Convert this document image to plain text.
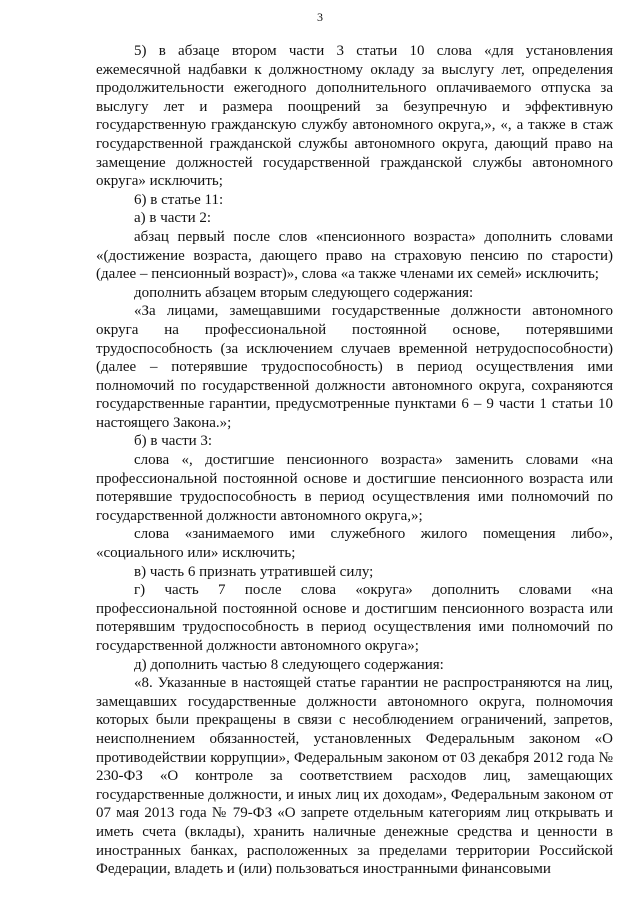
3

5) в абзаце втором части 3 статьи 10 слова «для установления ежемесячной надбавки к должностному окладу за выслугу лет, определения продолжительности ежегодного дополнительного оплачиваемого отпуска за выслугу лет и размера поощрений за безупречную и эффективную государственную гражданскую службу автономного округа,», «, а также в стаж государственной гражданской службы автономного округа, дающий право на замещение должностей государственной гражданской службы автономного округа» исключить;

6) в статье 11:

а) в части 2:

абзац первый после слов «пенсионного возраста» дополнить словами «(достижение возраста, дающего право на страховую пенсию по старости) (далее – пенсионный возраст)», слова «а также членами их семей» исключить;

дополнить абзацем вторым следующего содержания:

«За лицами, замещавшими государственные должности автономного округа на профессиональной постоянной основе, потерявшими трудоспособность (за исключением случаев временной нетрудоспособности) (далее – потерявшие трудоспособность) в период осуществления ими полномочий по государственной должности автономного округа, сохраняются государственные гарантии, предусмотренные пунктами 6 – 9 части 1 статьи 10 настоящего Закона.»;

б) в части 3:

слова «, достигшие пенсионного возраста» заменить словами «на профессиональной постоянной основе и достигшие пенсионного возраста или потерявшие трудоспособность в период осуществления ими полномочий по государственной должности автономного округа,»;

слова «занимаемого ими служебного жилого помещения либо», «социального или» исключить;

в) часть 6 признать утратившей силу;

г) часть 7 после слова «округа» дополнить словами «на профессиональной постоянной основе и достигшим пенсионного возраста или потерявшим трудоспособность в период осуществления ими полномочий по государственной должности автономного округа»;

д) дополнить частью 8 следующего содержания:

«8. Указанные в настоящей статье гарантии не распространяются на лиц, замещавших государственные должности автономного округа, полномочия которых были прекращены в связи с несоблюдением ограничений, запретов, неисполнением обязанностей, установленных Федеральным законом «О противодействии коррупции», Федеральным законом от 03 декабря 2012 года № 230-ФЗ «О контроле за соответствием расходов лиц, замещающих государственные должности, и иных лиц их доходам», Федеральным законом от 07 мая 2013 года № 79-ФЗ «О запрете отдельным категориям лиц открывать и иметь счета (вклады), хранить наличные денежные средства и ценности в иностранных банках, расположенных за пределами территории Российской Федерации, владеть и (или) пользоваться иностранными финансовыми
